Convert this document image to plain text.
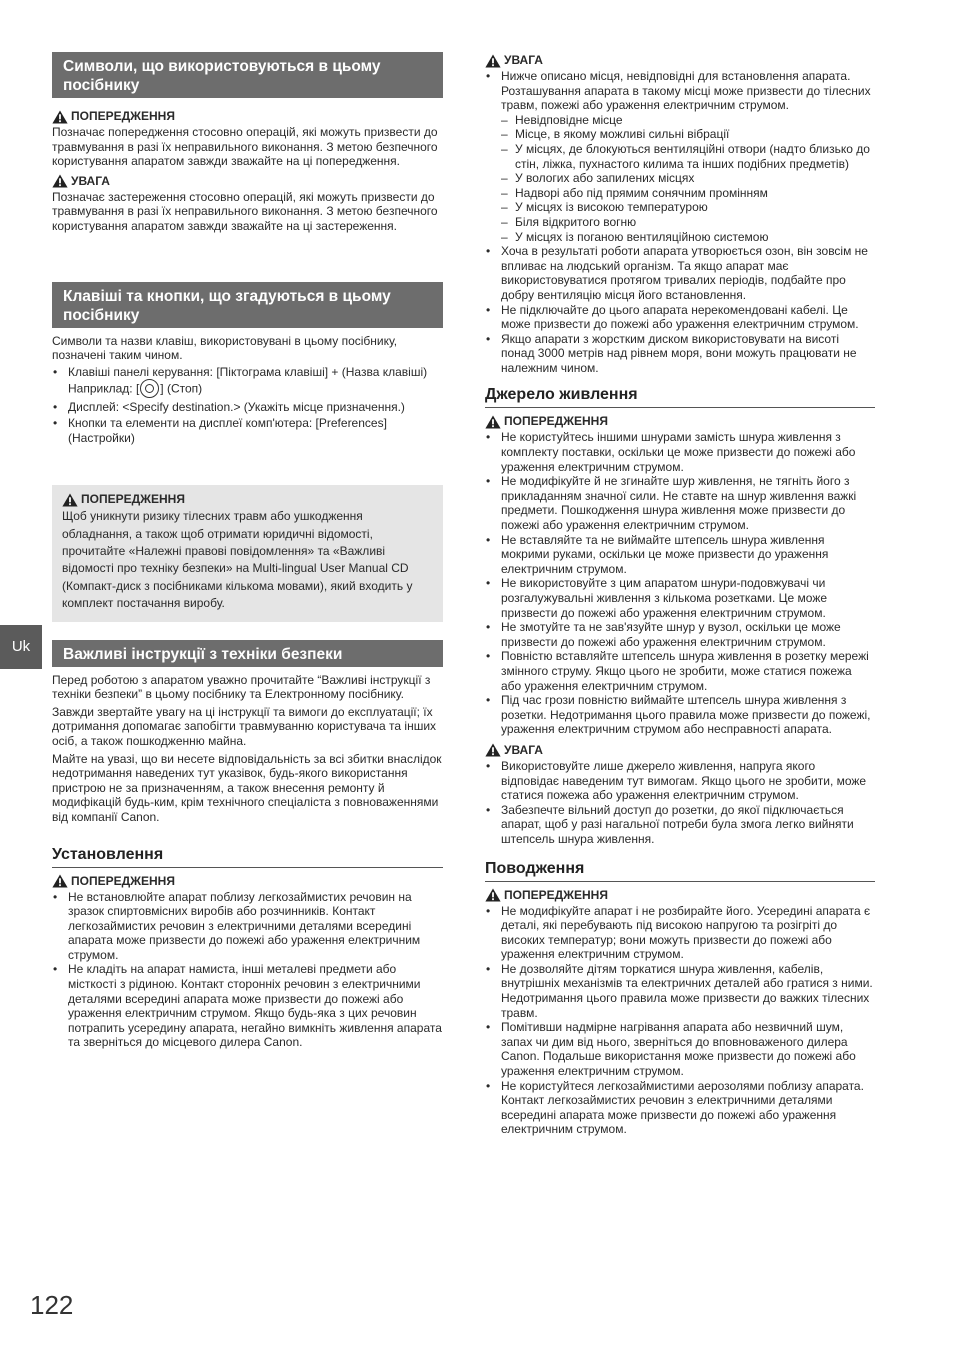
Uk
122
Символи, що використовуються в цьому посібнику
ПОПЕРЕДЖЕННЯ

Позначає попередження стосовно операцій, які можуть призвести до травмування в разі їх неправильного виконання. З метою безпечного користування апаратом завжди зважайте на ці попередження.

УВАГА

Позначає застереження стосовно операцій, які можуть призвести до травмування в разі їх неправильного виконання. З метою безпечного користування апаратом завжди зважайте на ці застереження.

Клавіші та кнопки, що згадуються в цьому посібнику

Символи та назви клавіш, використовувані в цьому посібнику, позначені таким чином.

• Клавіші панелі керування: [Піктограма клавіші] + (Назва клавіші)
Наприклад: [ ] (Стоп)
• Дисплей: <Specify destination.> (Укажіть місце призначення.)
• Кнопки та елементи на дисплеї комп'ютера: [Preferences] (Настройки)
ПОПЕРЕДЖЕННЯ

Щоб уникнути ризику тілесних травм або ушкодження обладнання, а також щоб отримати юридичні відомості, прочитайте «Належні правові повідомлення» та «Важливі відомості про техніку безпеки» на Multi-lingual User Manual CD (Компакт-диск з посібниками кількома мовами), який входить у комплект постачання виробу.

Важливі інструкції з техніки безпеки

Перед роботою з апаратом уважно прочитайте “Важливі інструкції з техніки безпеки” в цьому посібнику та Електронному посібнику.

Завжди звертайте увагу на ці інструкції та вимоги до експлуатації; їх дотримання допомагає запобігти травмуванню користувача та інших осіб, а також пошкодженню майна.

Майте на увазі, що ви несете відповідальність за всі збитки внаслідок недотримання наведених тут указівок, будь-якого використання пристрою не за призначенням, а також внесення ремонту й модифікацій будь-ким, крім технічного спеціаліста з повноваженнями від компанії Canon.

Установлення
ПОПЕРЕДЖЕННЯ
• Не встановлюйте апарат поблизу легкозаймистих речовин на зразок спиртовмісних виробів або розчинників. Контакт легкозаймистих речовин з електричними деталями всередині апарата може призвести до пожежі або ураження електричним струмом.
• Не кладіть на апарат намиста, інші металеві предмети або місткості з рідиною. Контакт сторонніх речовин з електричними деталями всередині апарата може призвести до пожежі або ураження електричним струмом. Якщо будь-яка з цих речовин потрапить усередину апарата, негайно вимкніть живлення апарата та зверніться до місцевого дилера Canon.
УВАГА
• Нижче описано місця, невідповідні для встановлення апарата. Розташування апарата в такому місці може призвести до тілесних травм, пожежі або ураження електричним струмом.
– Невідповідне місце
– Місце, в якому можливі сильні вібрації
– У місцях, де блокуються вентиляційні отвори (надто близько до стін, ліжка, пухнастого килима та інших подібних предметів)
– У вологих або запилених місцях
– Надворі або під прямим сонячним промінням
– У місцях із високою температурою
– Біля відкритого вогню
– У місцях із поганою вентиляційною системою
• Хоча в результаті роботи апарата утворюється озон, він зовсім не впливає на людський організм. Та якщо апарат має використовуватися протягом тривалих періодів, подбайте про добру вентиляцію місця його встановлення.
• Не підключайте до цього апарата нерекомендовані кабелі. Це може призвести до пожежі або ураження електричним струмом.
• Якщо апарати з жорстким диском використовувати на висоті понад 3000 метрів над рівнем моря, вони можуть працювати не належним чином.
Джерело живлення
ПОПЕРЕДЖЕННЯ
• Не користуйтесь іншими шнурами замість шнура живлення з комплекту поставки, оскільки це може призвести до пожежі або ураження електричним струмом.
• Не модифікуйте й не згинайте шур живлення, не тягніть його з прикладанням значної сили. Не ставте на шнур живлення важкі предмети. Пошкодження шнура живлення може призвести до пожежі або ураження електричним струмом.
• Не вставляйте та не виймайте штепсель шнура живлення мокрими руками, оскільки це може призвести до ураження електричним струмом.
• Не використовуйте з цим апаратом шнури-подовжувачі чи розгалужувальні живлення з кількома розетками. Це може призвести до пожежі або ураження електричним струмом.
• Не змотуйте та не зав'язуйте шнур у вузол, оскільки це може призвести до пожежі або ураження електричним струмом.
• Повністю вставляйте штепсель шнура живлення в розетку мережі змінного струму. Якщо цього не зробити, може статися пожежа або ураження електричним струмом.
• Під час грози повністю виймайте штепсель шнура живлення з розетки. Недотримання цього правила може призвести до пожежі, ураження електричним струмом або несправності апарата.
УВАГА
• Використовуйте лише джерело живлення, напруга якого відповідає наведеним тут вимогам. Якщо цього не зробити, може статися пожежа або ураження електричним струмом.
• Забезпечте вільний доступ до розетки, до якої підключається апарат, щоб у разі нагальної потреби була змога легко вийняти штепсель шнура живлення.
Поводження
ПОПЕРЕДЖЕННЯ
• Не модифікуйте апарат і не розбирайте його. Усередині апарата є деталі, які перебувають під високою напругою та розігріті до високих температур; вони можуть призвести до пожежі або ураження електричним струмом.
• Не дозволяйте дітям торкатися шнура живлення, кабелів, внутрішніх механізмів та електричних деталей або гратися з ними. Недотримання цього правила може призвести до важких тілесних травм.
• Помітивши надмірне нагрівання апарата або незвичний шум, запах чи дим від нього, зверніться до вповноваженого дилера Canon. Подальше використання може призвести до пожежі або ураження електричним струмом.
• Не користуйтеся легкозаймистими аерозолями поблизу апарата. Контакт легкозаймистих речовин з електричними деталями всередині апарата може призвести до пожежі або ураження електричним струмом.
